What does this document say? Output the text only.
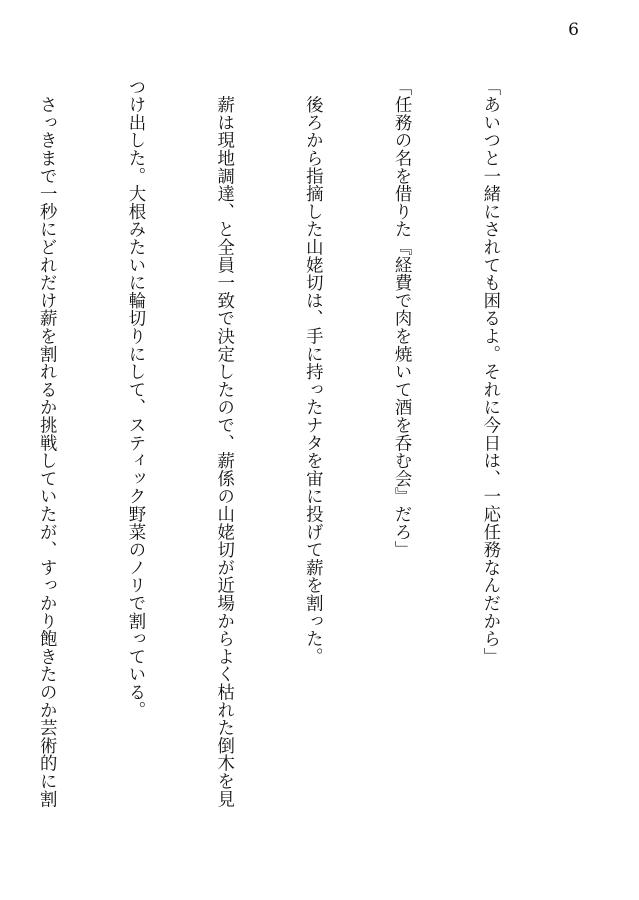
6

「あいつと一緒にされても困るよ。それに今日は、一応任務なんだから」

「任務の名を借りた『経費で肉を焼いて酒を呑む会』だろ」

　後ろから指摘した山姥切は、手に持ったナタを宙に投げて薪を割った。

　薪は現地調達、と全員一致で決定したので、薪係の山姥切が近場からよく枯れた倒木を見

つけ出した。大根みたいに輪切りにして、スティック野菜のノリで割っている。

　さっきまで一秒にどれだけ薪を割れるか挑戦していたが、すっかり飽きたのか芸術的に割
